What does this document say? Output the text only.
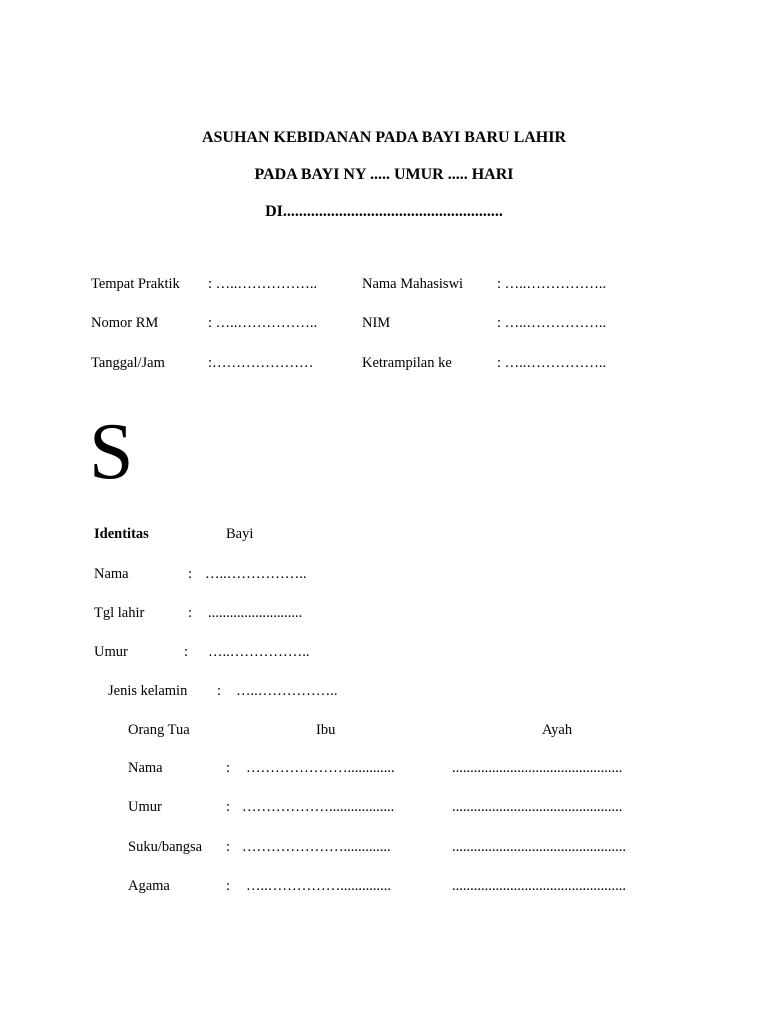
ASUHAN KEBIDANAN PADA BAYI BARU LAHIR
PADA BAYI NY ..... UMUR ..... HARI
DI.......................................................
Tempat Praktik : …..……………..	Nama Mahasiswi : …..……………..
Nomor RM	: …..……………..	NIM	: …..……………..
Tanggal/Jam	:…………………	Ketrampilan ke	: …..……………..
S
Identitas	Bayi
Nama	: …..……………..
Tgl lahir	: ..........................
Umur	: …..……………..
Jenis kelamin : …..……………..
Orang Tua	Ibu	Ayah
Nama	: ………………….............	...............................................
Umur	: ………………..................	...............................................
Suku/bangsa : ………………….............	................................................
Agama	: …..……………..............	................................................
